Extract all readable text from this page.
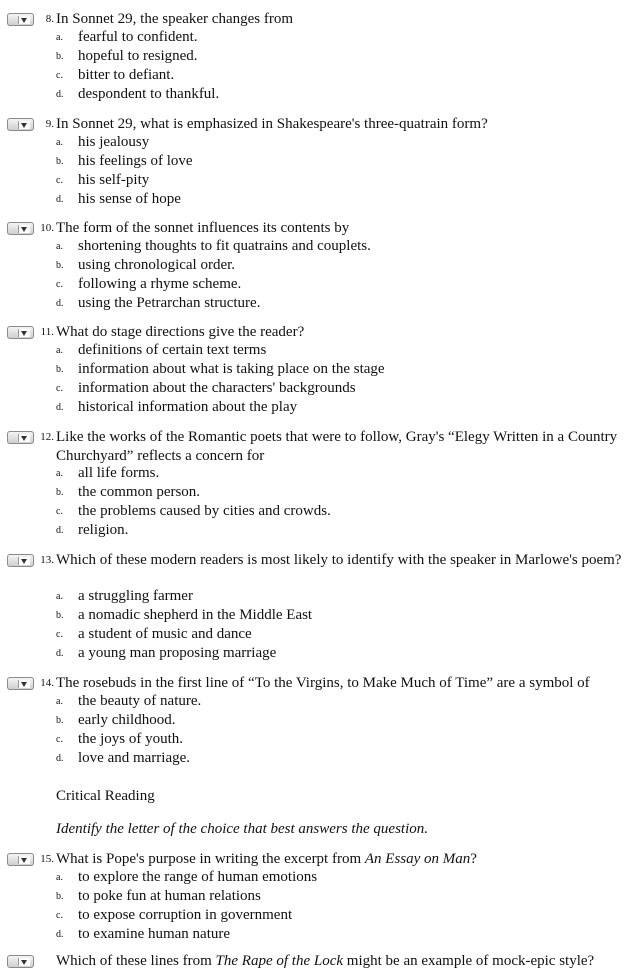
8. In Sonnet 29, the speaker changes from
a. fearful to confident.
b. hopeful to resigned.
c. bitter to defiant.
d. despondent to thankful.
9. In Sonnet 29, what is emphasized in Shakespeare's three-quatrain form?
a. his jealousy
b. his feelings of love
c. his self-pity
d. his sense of hope
10. The form of the sonnet influences its contents by
a. shortening thoughts to fit quatrains and couplets.
b. using chronological order.
c. following a rhyme scheme.
d. using the Petrarchan structure.
11. What do stage directions give the reader?
a. definitions of certain text terms
b. information about what is taking place on the stage
c. information about the characters' backgrounds
d. historical information about the play
12. Like the works of the Romantic poets that were to follow, Gray's “Elegy Written in a Country Churchyard” reflects a concern for
a. all life forms.
b. the common person.
c. the problems caused by cities and crowds.
d. religion.
13. Which of these modern readers is most likely to identify with the speaker in Marlowe's poem?
a. a struggling farmer
b. a nomadic shepherd in the Middle East
c. a student of music and dance
d. a young man proposing marriage
14. The rosebuds in the first line of “To the Virgins, to Make Much of Time” are a symbol of
a. the beauty of nature.
b. early childhood.
c. the joys of youth.
d. love and marriage.
Critical Reading
Identify the letter of the choice that best answers the question.
15. What is Pope's purpose in writing the excerpt from An Essay on Man?
a. to explore the range of human emotions
b. to poke fun at human relations
c. to expose corruption in government
d. to examine human nature
Which of these lines from The Rape of the Lock might be an example of mock-epic style?
